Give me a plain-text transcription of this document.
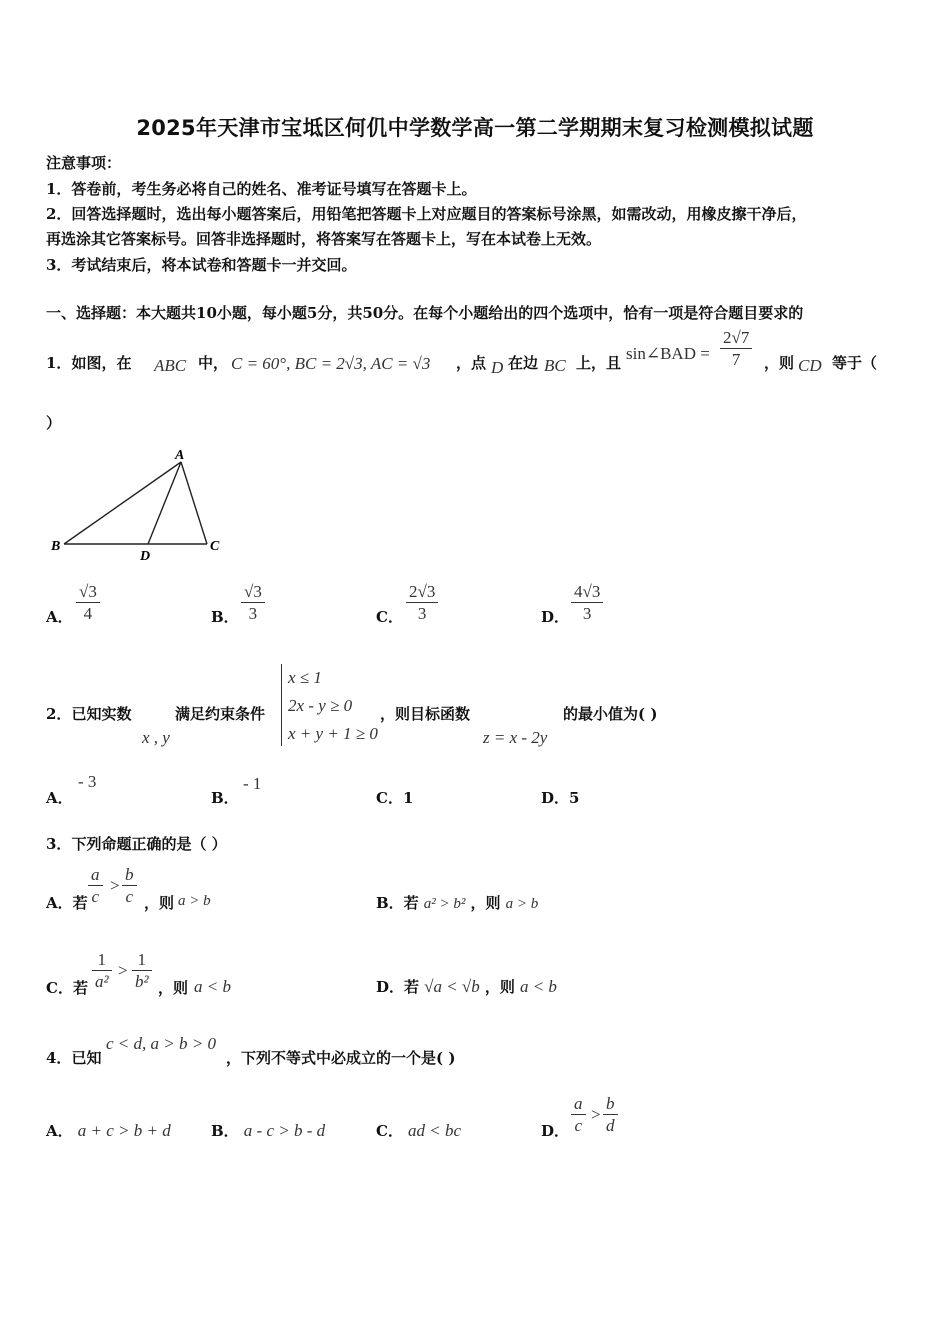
2025年天津市宝坻区何仉中学数学高一第二学期期末复习检测模拟试题
注意事项：
1．答卷前，考生务必将自己的姓名、准考证号填写在答题卡上。
2．回答选择题时，选出每小题答案后，用铅笔把答题卡上对应题目的答案标号涂黑，如需改动，用橡皮擦干净后，
再选涂其它答案标号。回答非选择题时，将答案写在答题卡上，写在本试卷上无效。
3．考试结束后，将本试卷和答题卡一并交回。
一、选择题：本大题共10小题，每小题5分，共50分。在每个小题给出的四个选项中，恰有一项是符合题目要求的
1．如图，在 ABC 中， C = 60°, BC = 2√3, AC = √3 ，点 D 在边 BC 上，且 sin∠BAD = $\frac{2√7}{7}$ ，则 CD 等于（
）
A
B
D
C
A． $\frac{√3}{4}$	B． $\frac{√3}{3}$	C． $\frac{2√3}{3}$	D． $\frac{4√3}{3}$
2．已知实数
x , y
满足约束条件
x ≤ 1
2x - y ≥ 0
x + y + 1 ≥ 0
，则目标函数
z = x - 2y
的最小值为( )
A．
- 3
B．
- 1
C．1	D．5
3．下列命题正确的是（ ）
A．若 $\frac{a}{c} > \frac{b}{c}$ ，则 a > b	B．若 a² > b² ，则 a > b
C．若 $\frac{1}{\text{a²}} > \frac{1}{\text{b²}}$ ，则 a < b	D．若 √a < √b ，则 a < b
4．已知
c < d, a > b > 0
，下列不等式中必成立的一个是( )
A． a + c > b + d	B． a - c > b - d	C． ad < bc	D． $\frac{a}{c} > \frac{b}{d}$
